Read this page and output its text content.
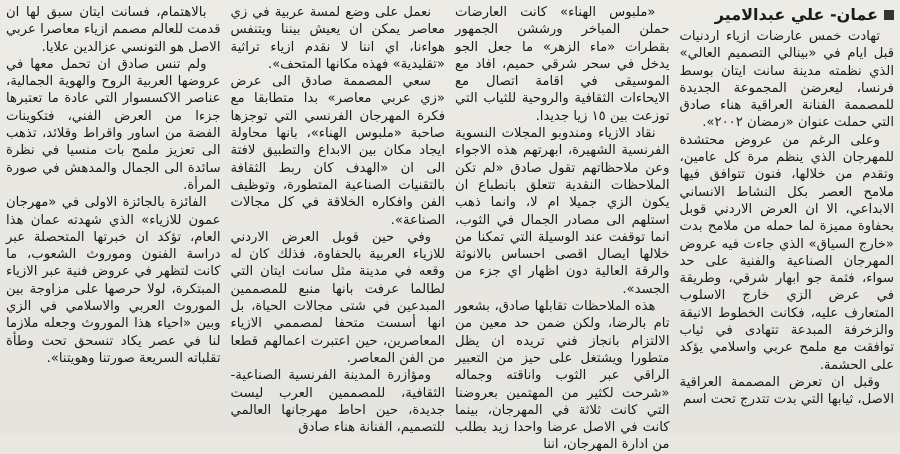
عمان- علي عبدالامير

تهادت خمس عارضات ازياء اردنيات قبل ايام في «بينالي التصميم العالي» الذي نظمته مدينة سانت ايتان بوسط فرنسا، ليعرضن المجموعة الجديدة للمصممة الفنانة العراقية هناء صادق التي حملت عنوان «رمضان ٢٠٠٢».

وعلى الرغم من عروض محتشدة للمهرجان الذي ينظم مرة كل عامين، وتقدم من خلالها، فنون تتوافق فيها ملامح العصر بكل النشاط الانساني الابداعي، الا ان العرض الاردني قوبل بحفاوة مميزة لما حمله من ملامح بدت «خارج السياق» الذي جاءت فيه عروض المهرجان الصناعية والفنية على حد سواء، فثمة جو ابهار شرقي، وطريقة في عرض الزي خارج الاسلوب المتعارف عليه، فكانت الخطوط الانيقة والزخرفة المبدعة تتهادى في ثياب توافقت مع ملمح عربي واسلامي يؤكد على الحشمة.

وقبل ان تعرض المصممة العراقية الاصل، ثيابها التي بدت تتدرج تحت اسم

«ملبوس الهناء» كانت العارضات حملن المباخر ورششن الجمهور بقطرات «ماء الزهر» ما جعل الجو يدخل في سحر شرقي حميم، افاد مع الموسيقى في اقامة اتصال مع الايحاءات الثقافية والروحية للثياب التي توزعت بين ١٥ زيا جديدا.

نقاد الازياء ومندوبو المجلات النسوية الفرنسية الشهيرة، ابهرتهم هذه الاجواء وعن ملاحظاتهم تقول صادق «لم تكن الملاحظات النقدية تتعلق بانطباع ان يكون الزي جميلا ام لا، وانما ذهب استلهم الى مصادر الجمال في الثوب، انما توقفت عند الوسيلة التي تمكنا من خلالها ايصال اقصى احساس بالانوثة والرقة العالية دون اظهار اي جزء من الجسد».

هذه الملاحظات تقابلها صادق، بشعور تام بالرضا، ولكن ضمن حد معين من الالتزام بانجاز فني تريده ان يظل متطورا ويشتغل على حيز من التعبير الراقي عبر الثوب واناقته وجماله «شرحت لكثير من المهتمين بعروضنا التي كانت ثلاثة في المهرجان، بينما كانت في الاصل عرضا واحدا زيد بطلب من ادارة المهرجان، اننا

نعمل على وضع لمسة عربية في زي معاصر يمكن ان يعيش بيننا ويتنفس هواءنا، اي اننا لا نقدم ازياء تراثية «تقليدية» فهذه مكانها المتحف».

سعي المصممة صادق الى عرض «زي عربي معاصر» بدا متطابقا مع فكرة المهرجان الفرنسي التي توجزها صاحبة «ملبوس الهناء»، بانها محاولة ايجاد مكان بين الابداع والتطبيق لافتة الى ان «الهدف كان ربط الثقافة بالتقنيات الصناعية المتطورة، وتوظيف الفن وافكاره الخلاقة في كل مجالات الصناعة».

وفي حين قوبل العرض الاردني للازياء العربية بالحفاوة، فذلك كان له وقعه في مدينة مثل سانت ايتان التي لطالما عرفت بانها منبع للمصممين المبدعين في شتى مجالات الحياة، بل انها أسست متحفا لمصممي الازياء المعاصرين، حين اعتبرت اعمالهم قطعا من الفن المعاصر.

ومؤازرة المدينة الفرنسية الصناعية- الثقافية، للمصممين العرب ليست جديدة، حين احاط مهرجانها العالمي للتصميم، الفنانة هناء صادق

بالاهتمام، فسانت ايتان سبق لها ان قدمت للعالم مصمم ازياء معاصرا عربي الاصل هو التونسي عزالدين علايا.

ولم تنس صادق ان تحمل معها في عروضها العربية الروح والهوية الجمالية، عناصر الاكسسوار التي عادة ما تعتبرها جزءا من العرض الفني، فتكوينات الفضة من اساور واقراط وقلائد، تذهب الى تعزيز ملمح بات منسيا في نظرة سائدة الى الجمال والمدهش في صورة المرأة.

الفائزة بالجائزة الاولى في «مهرجان عمون للازياء» الذي شهدته عمان هذا العام، تؤكد ان خبرتها المتحصلة عبر دراسة الفنون وموروث الشعوب، ما كانت لتظهر في عروض فنية عبر الازياء المبتكرة، لولا حرصها على مزاوجة بين الموروث العربي والاسلامي في الزي وبين «احياء هذا الموروث وجعله ملازما لنا في عصر يكاد تنسحق تحت وطأة تقلباته السريعة صورتنا وهويتنا».
